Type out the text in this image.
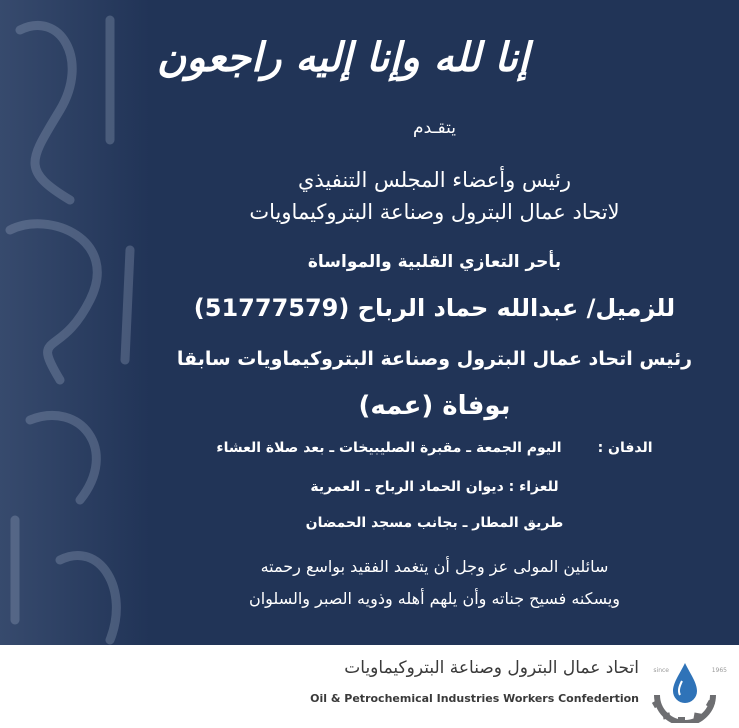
إنا لله وإنا إليه راجعون
يتقـدم
رئيس وأعضاء المجلس التنفيذي
لاتحاد عمال البترول وصناعة البتروكيماويات
بأحر التعازي القلبية والمواساة
للزميل/ عبدالله حماد الرباح (51777579)
رئيس اتحاد عمال البترول وصناعة البتروكيماويات سابقا
بوفاة (عمه)
الدفان :اليوم الجمعة ـ مقبرة الصليبيخات ـ بعد صلاة العشاء
للعزاء : ديوان الحماد الرباح ـ العمرية
طريق المطار ـ بجانب مسجد الحمضان
سائلين المولى عز وجل أن يتغمد الفقيد بواسع رحمته
ويسكنه فسيح جناته وأن يلهم أهله وذويه الصبر والسلوان
اتحاد عمال البترول وصناعة البتروكيماويات
Oil & Petrochemical Industries Workers Confedertion
since	1965
